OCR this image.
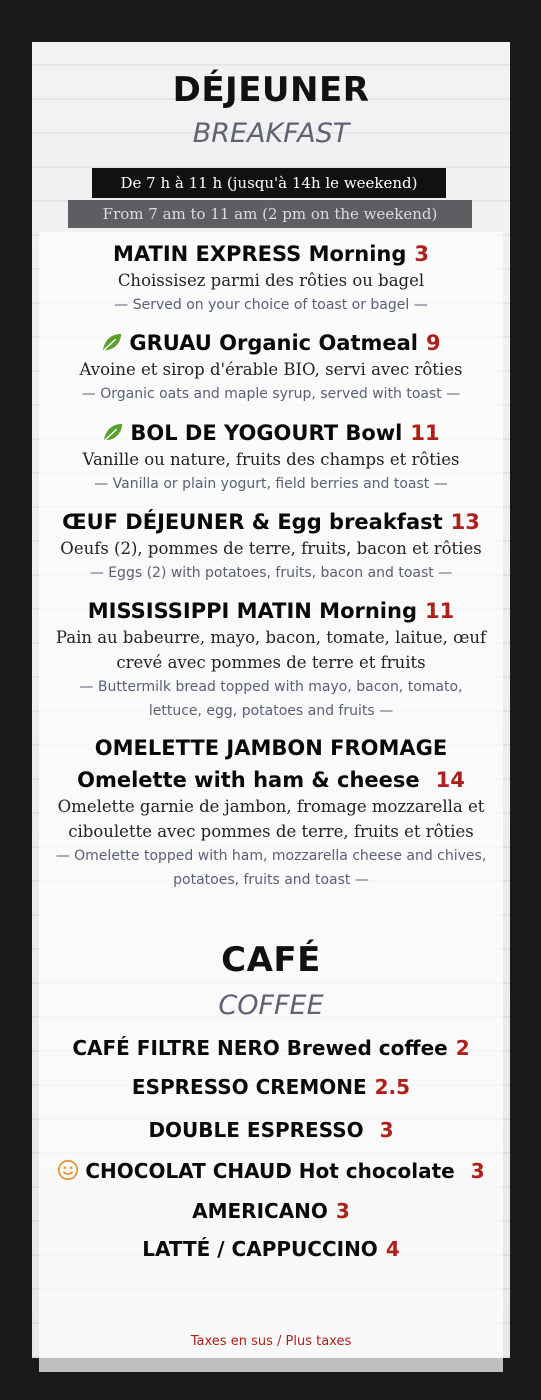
DÉJEUNER
BREAKFAST
De 7 h à 11 h (jusqu'à 14h le weekend)
From 7 am to 11 am (2 pm on the weekend)
MATIN EXPRESS Morning 3
Choissisez parmi des rôties ou bagel
— Served on your choice of toast or bagel —
GRUAU Organic Oatmeal 9
Avoine et sirop d'érable BIO, servi avec rôties
— Organic oats and maple syrup, served with toast —
BOL DE YOGOURT Bowl 11
Vanille ou nature, fruits des champs et rôties
— Vanilla or plain yogurt, field berries and toast —
ŒUF DÉJEUNER & Egg breakfast 13
Oeufs (2), pommes de terre, fruits, bacon et rôties
— Eggs (2) with potatoes, fruits, bacon and toast —
MISSISSIPPI MATIN Morning 11
Pain au babeurre, mayo, bacon, tomate, laitue, œuf
crevé avec pommes de terre et fruits
— Buttermilk bread topped with mayo, bacon, tomato,
lettuce, egg, potatoes and fruits —
OMELETTE JAMBON FROMAGE
Omelette with ham & cheese 14
Omelette garnie de jambon, fromage mozzarella et
ciboulette avec pommes de terre, fruits et rôties
— Omelette topped with ham, mozzarella cheese and chives,
potatoes, fruits and toast —
CAFÉ
COFFEE
CAFÉ FILTRE NERO Brewed coffee 2
ESPRESSO CREMONE 2.5
DOUBLE ESPRESSO 3
CHOCOLAT CHAUD Hot chocolate 3
AMERICANO 3
LATTÉ / CAPPUCCINO 4
Taxes en sus / Plus taxes
